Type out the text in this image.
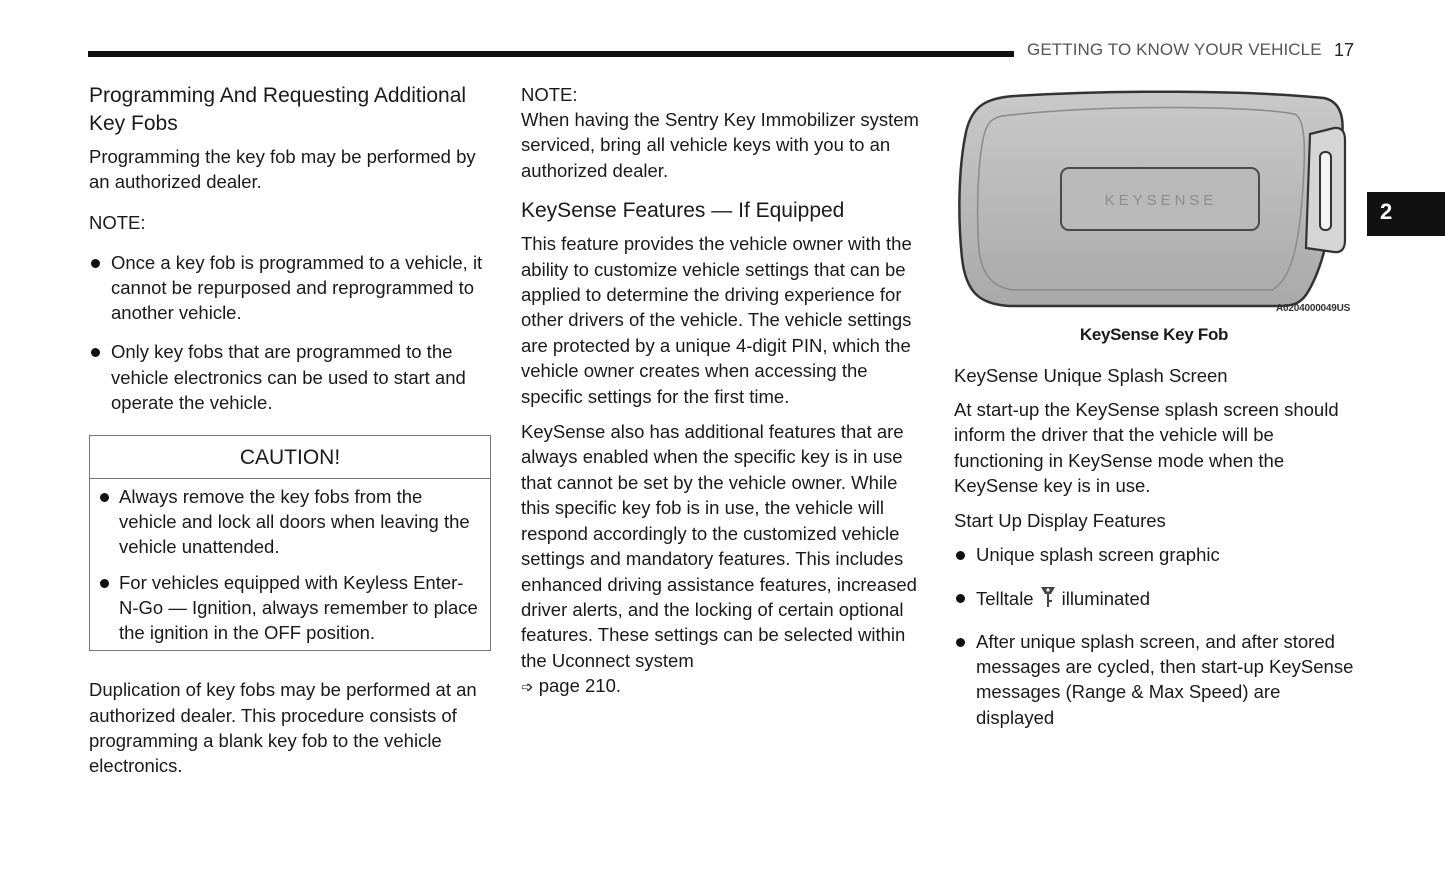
GETTING TO KNOW YOUR VEHICLE 17
2
Programming And Requesting Additional Key Fobs

Programming the key fob may be performed by an authorized dealer.

NOTE:
Once a key fob is programmed to a vehicle, it cannot be repurposed and reprogrammed to another vehicle.
Only key fobs that are programmed to the vehicle electronics can be used to start and operate the vehicle.
CAUTION!
Always remove the key fobs from the vehicle and lock all doors when leaving the vehicle unattended.
For vehicles equipped with Keyless Enter-N-Go — Ignition, always remember to place the ignition in the OFF position.

Duplication of key fobs may be performed at an authorized dealer. This procedure consists of programming a blank key fob to the vehicle electronics.

NOTE:

When having the Sentry Key Immobilizer system serviced, bring all vehicle keys with you to an authorized dealer.

KeySense Features — If Equipped

This feature provides the vehicle owner with the ability to customize vehicle settings that can be applied to determine the driving experience for other drivers of the vehicle. The vehicle settings are protected by a unique 4-digit PIN, which the vehicle owner creates when accessing the specific settings for the first time.

KeySense also has additional features that are always enabled when the specific key is in use that cannot be set by the vehicle owner. While this specific key fob is in use, the vehicle will respond accordingly to the customized vehicle settings and mandatory features. This includes enhanced driving assistance features, increased driver alerts, and the locking of certain optional features. These settings can be selected within the Uconnect system
➩ page 210.

KEYSENSE
A0204000049US
KeySense Key Fob
KeySense Unique Splash Screen

At start-up the KeySense splash screen should inform the driver that the vehicle will be functioning in KeySense mode when the KeySense key is in use.

Start Up Display Features
Unique splash screen graphic
Telltale illuminated
After unique splash screen, and after stored messages are cycled, then start-up KeySense messages (Range & Max Speed) are displayed
